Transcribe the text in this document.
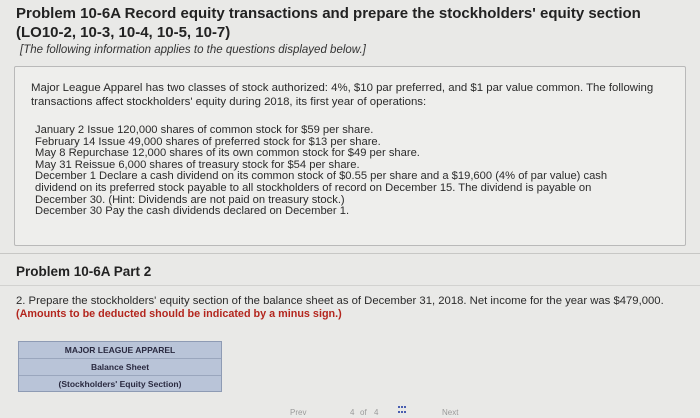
Problem 10-6A Record equity transactions and prepare the stockholders' equity section (LO10-2, 10-3, 10-4, 10-5, 10-7)
[The following information applies to the questions displayed below.]
Major League Apparel has two classes of stock authorized: 4%, $10 par preferred, and $1 par value common. The following transactions affect stockholders' equity during 2018, its first year of operations:
January 2 Issue 120,000 shares of common stock for $59 per share.
February 14 Issue 49,000 shares of preferred stock for $13 per share.
May 8 Repurchase 12,000 shares of its own common stock for $49 per share.
May 31 Reissue 6,000 shares of treasury stock for $54 per share.
December 1 Declare a cash dividend on its common stock of $0.55 per share and a $19,600 (4% of par value) cash
dividend on its preferred stock payable to all stockholders of record on December 15. The dividend is payable on
December 30. (Hint: Dividends are not paid on treasury stock.)
December 30 Pay the cash dividends declared on December 1.
Problem 10-6A Part 2
2. Prepare the stockholders' equity section of the balance sheet as of December 31, 2018. Net income for the year was $479,000.
(Amounts to be deducted should be indicated by a minus sign.)
MAJOR LEAGUE APPAREL
Balance Sheet
(Stockholders' Equity Section)
Prev	4 of 4	Next
